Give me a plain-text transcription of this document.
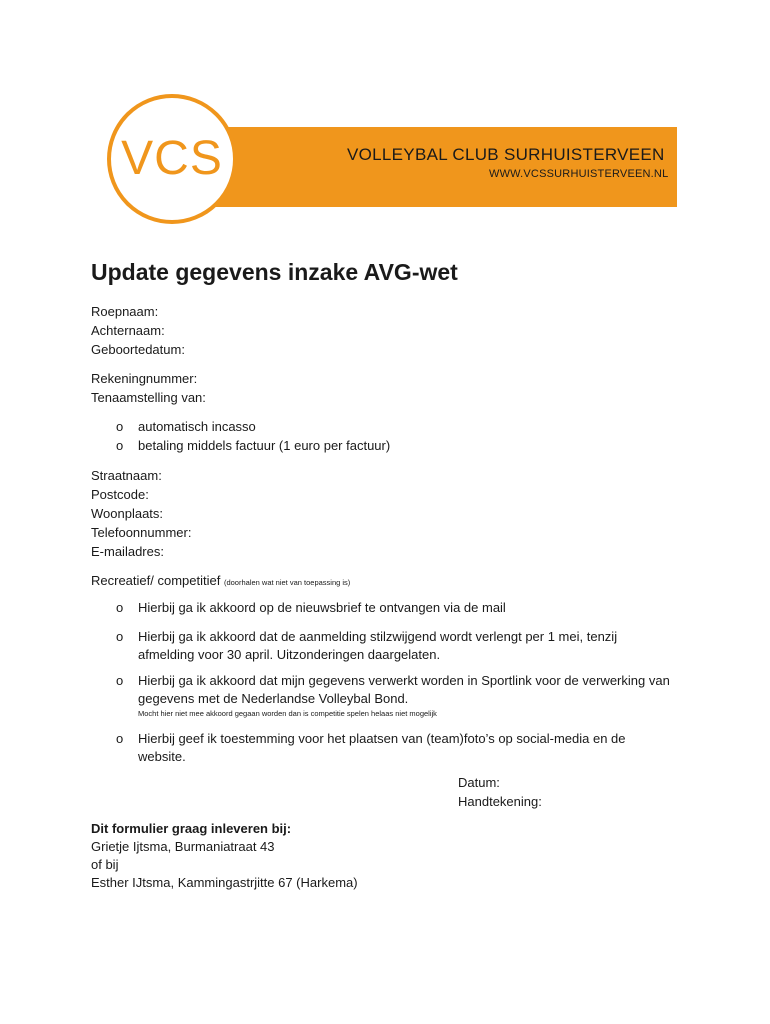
VOLLEYBAL CLUB SURHUISTERVEEN
WWW.VCSSURHUISTERVEEN.NL
VCS
Update gegevens inzake AVG-wet
Roepnaam:
Achternaam:
Geboortedatum:
Rekeningnummer:
Tenaamstelling van:
o automatisch incasso
o betaling middels factuur (1 euro per factuur)
Straatnaam:
Postcode:
Woonplaats:
Telefoonnummer:
E-mailadres:
Recreatief/ competitief (doorhalen wat niet van toepassing is)
o Hierbij ga ik akkoord op de nieuwsbrief te ontvangen via de mail
o Hierbij ga ik akkoord dat de aanmelding stilzwijgend wordt verlengt per 1 mei, tenzij
afmelding voor 30 april. Uitzonderingen daargelaten.
o Hierbij ga ik akkoord dat mijn gegevens verwerkt worden in Sportlink voor de verwerking van
gegevens met de Nederlandse Volleybal Bond.
Mocht hier niet mee akkoord gegaan worden dan is competitie spelen helaas niet mogelijk
o Hierbij geef ik toestemming voor het plaatsen van (team)foto’s op social-media en de
website.
Datum:
Handtekening:
Dit formulier graag inleveren bij:
Grietje Ijtsma, Burmaniatraat 43
of bij
Esther IJtsma, Kammingastrjitte 67 (Harkema)
